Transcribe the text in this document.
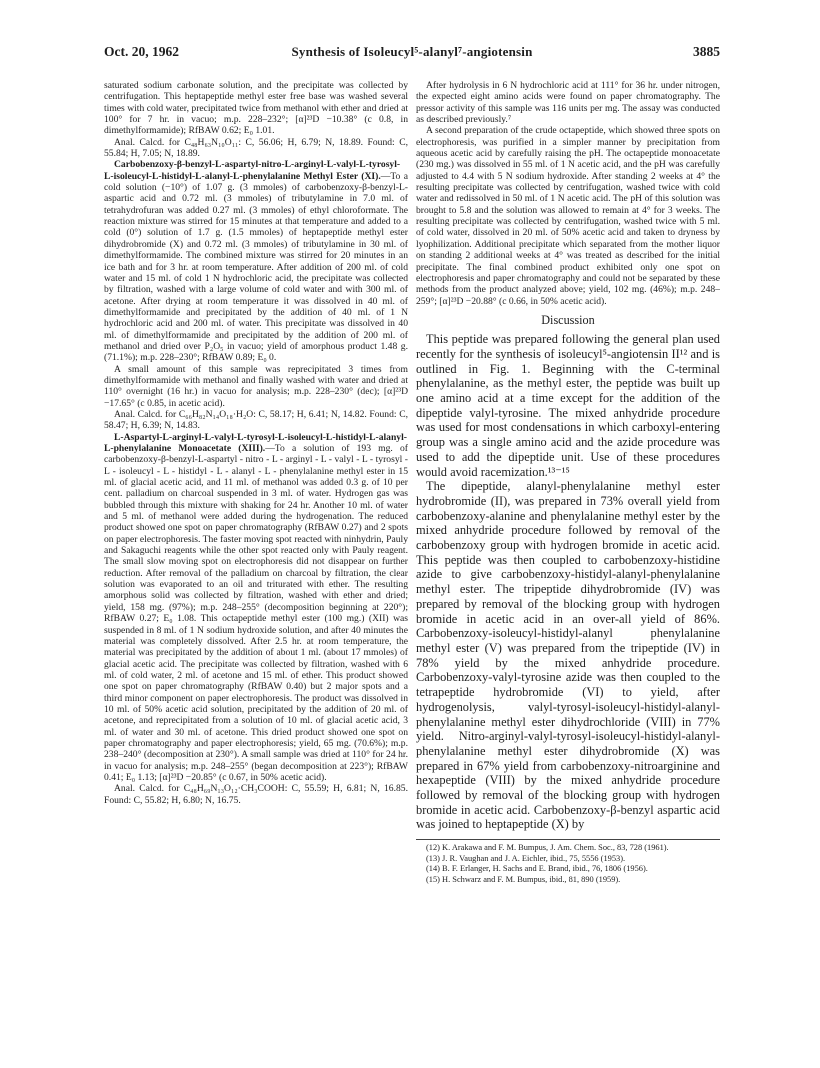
Oct. 20, 1962	Synthesis of Isoleucyl⁵-alanyl⁷-angiotensin	3885

saturated sodium carbonate solution, and the precipitate was collected by centrifugation. This heptapeptide methyl ester free base was washed several times with cold water, precipitated twice from methanol with ether and dried at 100° for 7 hr. in vacuo; m.p. 228–232°; [α]²³D −10.38° (c 0.8, in dimethylformamide); RfBAW 0.62; E₀ 1.01.

Anal. Calcd. for C₄₈H₆₃N₁₀O₁₁: C, 56.06; H, 6.79; N, 18.89. Found: C, 55.84; H, 7.05; N, 18.89.

Carbobenzoxy-β-benzyl-L-aspartyl-nitro-L-arginyl-L-valyl-L-tyrosyl-L-isoleucyl-L-histidyl-L-alanyl-L-phenylalanine Methyl Ester (XI).—To a cold solution (−10°) of 1.07 g. (3 mmoles) of carbobenzoxy-β-benzyl-L-aspartic acid and 0.72 ml. (3 mmoles) of tributylamine in 7.0 ml. of tetrahydrofuran was added 0.27 ml. (3 mmoles) of ethyl chloroformate. The reaction mixture was stirred for 15 minutes at that temperature and added to a cold (0°) solution of 1.7 g. (1.5 mmoles) of heptapeptide methyl ester dihydrobromide (X) and 0.72 ml. (3 mmoles) of tributylamine in 30 ml. of dimethylformamide. The combined mixture was stirred for 20 minutes in an ice bath and for 3 hr. at room temperature. After addition of 200 ml. of cold water and 15 ml. of cold 1 N hydrochloric acid, the precipitate was collected by filtration, washed with a large volume of cold water and with 300 ml. of acetone. After drying at room temperature it was dissolved in 40 ml. of dimethylformamide and precipitated by the addition of 40 ml. of 1 N hydrochloric acid and 200 ml. of water. This precipitate was dissolved in 40 ml. of dimethylformamide and precipitated by the addition of 200 ml. of methanol and dried over P₂O₅ in vacuo; yield of amorphous product 1.48 g. (71.1%); m.p. 228–230°; RfBAW 0.89; E₀ 0.

A small amount of this sample was reprecipitated 3 times from dimethylformamide with methanol and finally washed with water and dried at 110° overnight (16 hr.) in vacuo for analysis; m.p. 228–230° (dec); [α]²³D −17.65° (c 0.85, in acetic acid).

Anal. Calcd. for C₆₆H₈₂N₁₄O₁₈·H₂O: C, 58.17; H, 6.41; N, 14.82. Found: C, 58.47; H, 6.39; N, 14.83.

L-Aspartyl-L-arginyl-L-valyl-L-tyrosyl-L-isoleucyl-L-histidyl-L-alanyl-L-phenylalanine Monoacetate (XIII).—To a solution of 193 mg. of carbobenzoxy-β-benzyl-L-aspartyl - nitro - L - arginyl - L - valyl - L - tyrosyl - L - isoleucyl - L - histidyl - L - alanyl - L - phenylalanine methyl ester in 15 ml. of glacial acetic acid, and 11 ml. of methanol was added 0.3 g. of 10 per cent. palladium on charcoal suspended in 3 ml. of water. Hydrogen gas was bubbled through this mixture with shaking for 24 hr. Another 10 ml. of water and 5 ml. of methanol were added during the hydrogenation. The reduced product showed one spot on paper chromatography (RfBAW 0.27) and 2 spots on paper electrophoresis. The faster moving spot reacted with ninhydrin, Pauly and Sakaguchi reagents while the other spot reacted only with Pauly reagent. The small slow moving spot on electrophoresis did not disappear on further reduction. After removal of the palladium on charcoal by filtration, the clear solution was evaporated to an oil and triturated with ether. The resulting amorphous solid was collected by filtration, washed with ether and dried; yield, 158 mg. (97%); m.p. 248–255° (decomposition beginning at 220°); RfBAW 0.27; E₀ 1.08. This octapeptide methyl ester (100 mg.) (XII) was suspended in 8 ml. of 1 N sodium hydroxide solution, and after 40 minutes the material was completely dissolved. After 2.5 hr. at room temperature, the material was precipitated by the addition of about 1 ml. (about 17 mmoles) of glacial acetic acid. The precipitate was collected by filtration, washed with 6 ml. of cold water, 2 ml. of acetone and 15 ml. of ether. This product showed one spot on paper chromatography (RfBAW 0.40) but 2 major spots and a third minor component on paper electrophoresis. The product was dissolved in 10 ml. of 50% acetic acid solution, precipitated by the addition of 20 ml. of acetone, and reprecipitated from a solution of 10 ml. of glacial acetic acid, 3 ml. of water and 30 ml. of acetone. This dried product showed one spot on paper chromatography and paper electrophoresis; yield, 65 mg. (70.6%); m.p. 238–240° (decomposition at 230°). A small sample was dried at 110° for 24 hr. in vacuo for analysis; m.p. 248–255° (began decomposition at 223°); RfBAW 0.41; E₀ 1.13; [α]²³D −20.85° (c 0.67, in 50% acetic acid).

Anal. Calcd. for C₄₈H₆₉N₁₃O₁₂·CH₃COOH: C, 55.59; H, 6.81; N, 16.85. Found: C, 55.82; H, 6.80; N, 16.75.

After hydrolysis in 6 N hydrochloric acid at 111° for 36 hr. under nitrogen, the expected eight amino acids were found on paper chromatography. The pressor activity of this sample was 116 units per mg. The assay was conducted as described previously.⁷

A second preparation of the crude octapeptide, which showed three spots on electrophoresis, was purified in a simpler manner by precipitation from aqueous acetic acid by carefully raising the pH. The octapeptide monoacetate (230 mg.) was dissolved in 55 ml. of 1 N acetic acid, and the pH was carefully adjusted to 4.4 with 5 N sodium hydroxide. After standing 2 weeks at 4° the resulting precipitate was collected by centrifugation, washed twice with cold water and redissolved in 50 ml. of 1 N acetic acid. The pH of this solution was brought to 5.8 and the solution was allowed to remain at 4° for 3 weeks. The resulting precipitate was collected by centrifugation, washed twice with 5 ml. of cold water, dissolved in 20 ml. of 50% acetic acid and taken to dryness by lyophilization. Additional precipitate which separated from the mother liquor on standing 2 additional weeks at 4° was treated as described for the initial precipitate. The final combined product exhibited only one spot on electrophoresis and paper chromatography and could not be separated by these methods from the product analyzed above; yield, 102 mg. (46%); m.p. 248–259°; [α]²³D −20.88° (c 0.66, in 50% acetic acid).

Discussion

This peptide was prepared following the general plan used recently for the synthesis of isoleucyl⁵-angiotensin II¹² and is outlined in Fig. 1. Beginning with the C-terminal phenylalanine, as the methyl ester, the peptide was built up one amino acid at a time except for the addition of the dipeptide valyl-tyrosine. The mixed anhydride procedure was used for most condensations in which carboxyl-entering group was a single amino acid and the azide procedure was used to add the dipeptide unit. Use of these procedures would avoid racemization.¹³⁻¹⁵

The dipeptide, alanyl-phenylalanine methyl ester hydrobromide (II), was prepared in 73% overall yield from carbobenzoxy-alanine and phenylalanine methyl ester by the mixed anhydride procedure followed by removal of the carbobenzoxy group with hydrogen bromide in acetic acid. This peptide was then coupled to carbobenzoxy-histidine azide to give carbobenzoxy-histidyl-alanyl-phenylalanine methyl ester. The tripeptide dihydrobromide (IV) was prepared by removal of the blocking group with hydrogen bromide in acetic acid in an over-all yield of 86%. Carbobenzoxy-isoleucyl-histidyl-alanyl phenylalanine methyl ester (V) was prepared from the tripeptide (IV) in 78% yield by the mixed anhydride procedure. Carbobenzoxy-valyl-tyrosine azide was then coupled to the tetrapeptide hydrobromide (VI) to yield, after hydrogenolysis, valyl-tyrosyl-isoleucyl-histidyl-alanyl-phenylalanine methyl ester dihydrochloride (VIII) in 77% yield. Nitro-arginyl-valyl-tyrosyl-isoleucyl-histidyl-alanyl-phenylalanine methyl ester dihydrobromide (X) was prepared in 67% yield from carbobenzoxy-nitroarginine and hexapeptide (VIII) by the mixed anhydride procedure followed by removal of the blocking group with hydrogen bromide in acetic acid. Carbobenzoxy-β-benzyl aspartic acid was joined to heptapeptide (X) by

(12) K. Arakawa and F. M. Bumpus, J. Am. Chem. Soc., 83, 728 (1961).
(13) J. R. Vaughan and J. A. Eichler, ibid., 75, 5556 (1953).
(14) B. F. Erlanger, H. Sachs and E. Brand, ibid., 76, 1806 (1956).
(15) H. Schwarz and F. M. Bumpus, ibid., 81, 890 (1959).
